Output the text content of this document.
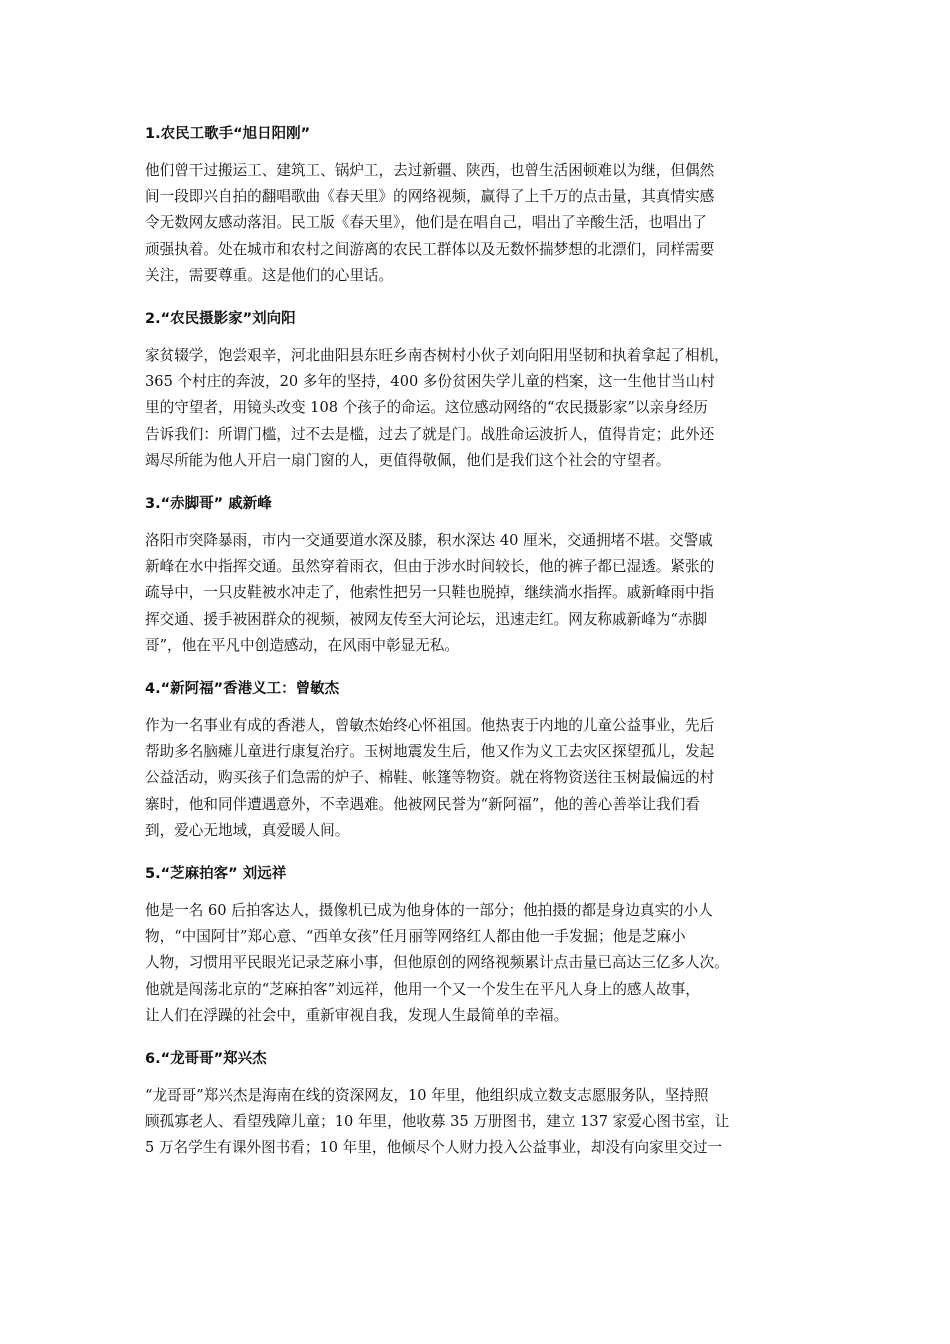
1.农民工歌手“旭日阳刚”
他们曾干过搬运工、建筑工、锅炉工，去过新疆、陕西，也曾生活困顿难以为继，但偶然
间一段即兴自拍的翻唱歌曲《春天里》的网络视频，赢得了上千万的点击量，其真情实感
令无数网友感动落泪。民工版《春天里》，他们是在唱自己，唱出了辛酸生活，也唱出了
顽强执着。处在城市和农村之间游离的农民工群体以及无数怀揣梦想的北漂们，同样需要
关注，需要尊重。这是他们的心里话。
2.“农民摄影家”刘向阳
家贫辍学，饱尝艰辛，河北曲阳县东旺乡南杏树村小伙子刘向阳用坚韧和执着拿起了相机，
365 个村庄的奔波，20 多年的坚持，400 多份贫困失学儿童的档案，这一生他甘当山村
里的守望者，用镜头改变 108 个孩子的命运。这位感动网络的“农民摄影家”以亲身经历
告诉我们：所谓门槛，过不去是槛，过去了就是门。战胜命运波折人，值得肯定；此外还
竭尽所能为他人开启一扇门窗的人，更值得敬佩，他们是我们这个社会的守望者。
3.“赤脚哥” 戚新峰
洛阳市突降暴雨，市内一交通要道水深及膝，积水深达 40 厘米，交通拥堵不堪。交警戚
新峰在水中指挥交通。虽然穿着雨衣，但由于涉水时间较长，他的裤子都已湿透。紧张的
疏导中，一只皮鞋被水冲走了，他索性把另一只鞋也脱掉，继续淌水指挥。戚新峰雨中指
挥交通、援手被困群众的视频，被网友传至大河论坛，迅速走红。网友称戚新峰为“赤脚
哥”，他在平凡中创造感动，在风雨中彰显无私。
4.“新阿福”香港义工：曾敏杰
作为一名事业有成的香港人，曾敏杰始终心怀祖国。他热衷于内地的儿童公益事业，先后
帮助多名脑瘫儿童进行康复治疗。玉树地震发生后，他又作为义工去灾区探望孤儿，发起
公益活动，购买孩子们急需的炉子、棉鞋、帐篷等物资。就在将物资送往玉树最偏远的村
寨时，他和同伴遭遇意外，不幸遇难。他被网民誉为“新阿福”，他的善心善举让我们看
到，爱心无地域，真爱暖人间。
5.“芝麻拍客” 刘远祥
他是一名 60 后拍客达人，摄像机已成为他身体的一部分；他拍摄的都是身边真实的小人
物，“中国阿甘”郑心意、“西单女孩”任月丽等网络红人都由他一手发掘；他是芝麻小
人物，习惯用平民眼光记录芝麻小事，但他原创的网络视频累计点击量已高达三亿多人次。
他就是闯荡北京的“芝麻拍客”刘远祥，他用一个又一个发生在平凡人身上的感人故事，
让人们在浮躁的社会中，重新审视自我，发现人生最简单的幸福。
6.“龙哥哥”郑兴杰
“龙哥哥”郑兴杰是海南在线的资深网友，10 年里，他组织成立数支志愿服务队，坚持照
顾孤寡老人、看望残障儿童；10 年里，他收募 35 万册图书，建立 137 家爱心图书室，让
5 万名学生有课外图书看；10 年里，他倾尽个人财力投入公益事业，却没有向家里交过一
